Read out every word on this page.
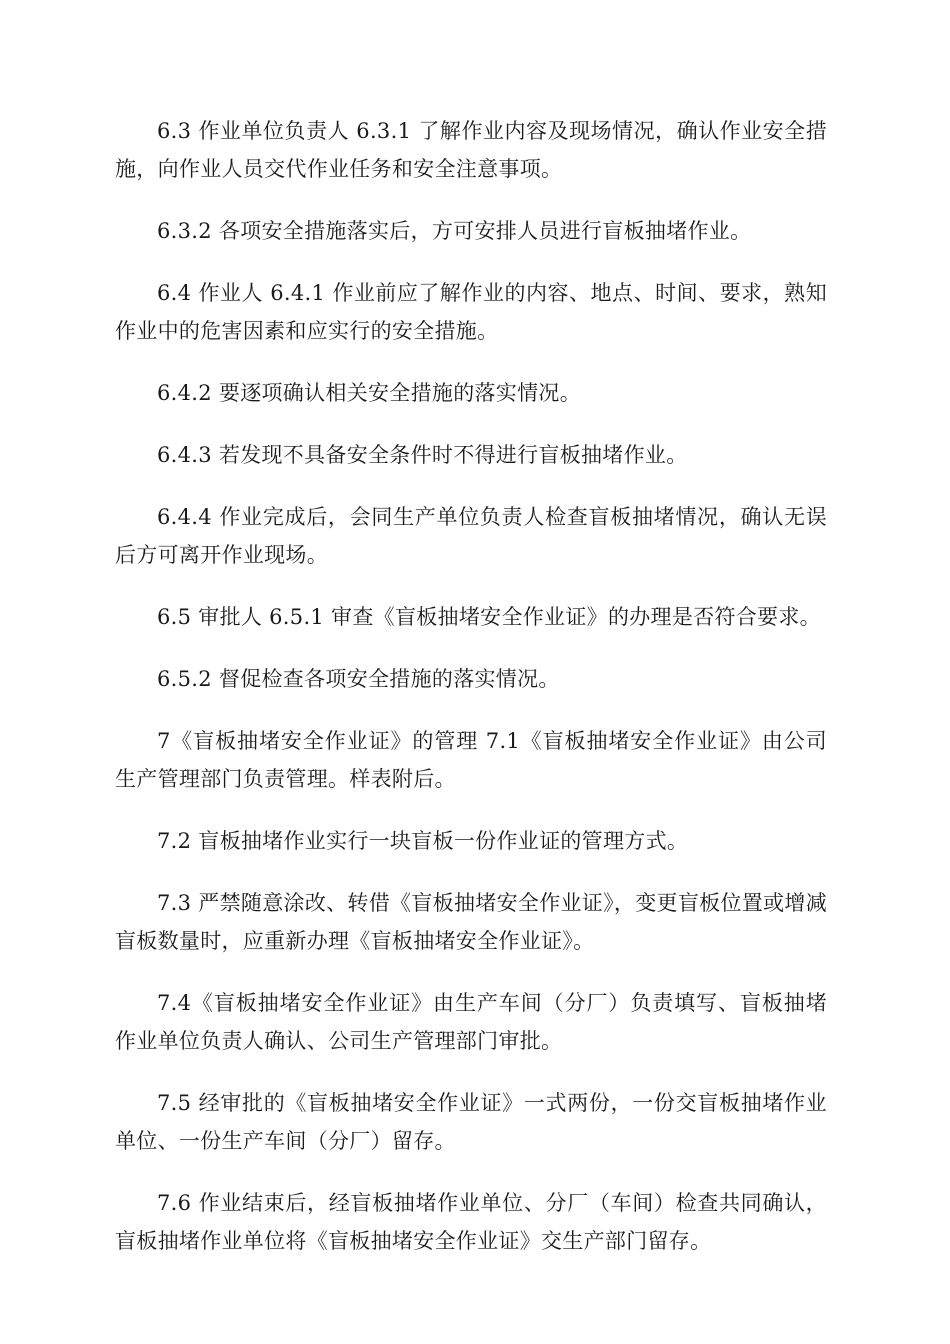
6.3 作业单位负责人 6.3.1 了解作业内容及现场情况，确认作业安全措施，向作业人员交代作业任务和安全注意事项。

6.3.2 各项安全措施落实后，方可安排人员进行盲板抽堵作业。

6.4 作业人 6.4.1 作业前应了解作业的内容、地点、时间、要求，熟知作业中的危害因素和应实行的安全措施。

6.4.2 要逐项确认相关安全措施的落实情况。

6.4.3 若发现不具备安全条件时不得进行盲板抽堵作业。

6.4.4 作业完成后，会同生产单位负责人检查盲板抽堵情况，确认无误后方可离开作业现场。

6.5 审批人 6.5.1 审查《盲板抽堵安全作业证》的办理是否符合要求。

6.5.2 督促检查各项安全措施的落实情况。

7《盲板抽堵安全作业证》的管理 7.1《盲板抽堵安全作业证》由公司生产管理部门负责管理。样表附后。

7.2 盲板抽堵作业实行一块盲板一份作业证的管理方式。

7.3 严禁随意涂改、转借《盲板抽堵安全作业证》，变更盲板位置或增减盲板数量时，应重新办理《盲板抽堵安全作业证》。

7.4《盲板抽堵安全作业证》由生产车间（分厂）负责填写、盲板抽堵作业单位负责人确认、公司生产管理部门审批。

7.5 经审批的《盲板抽堵安全作业证》一式两份，一份交盲板抽堵作业单位、一份生产车间（分厂）留存。

7.6 作业结束后，经盲板抽堵作业单位、分厂（车间）检查共同确认，盲板抽堵作业单位将《盲板抽堵安全作业证》交生产部门留存。
